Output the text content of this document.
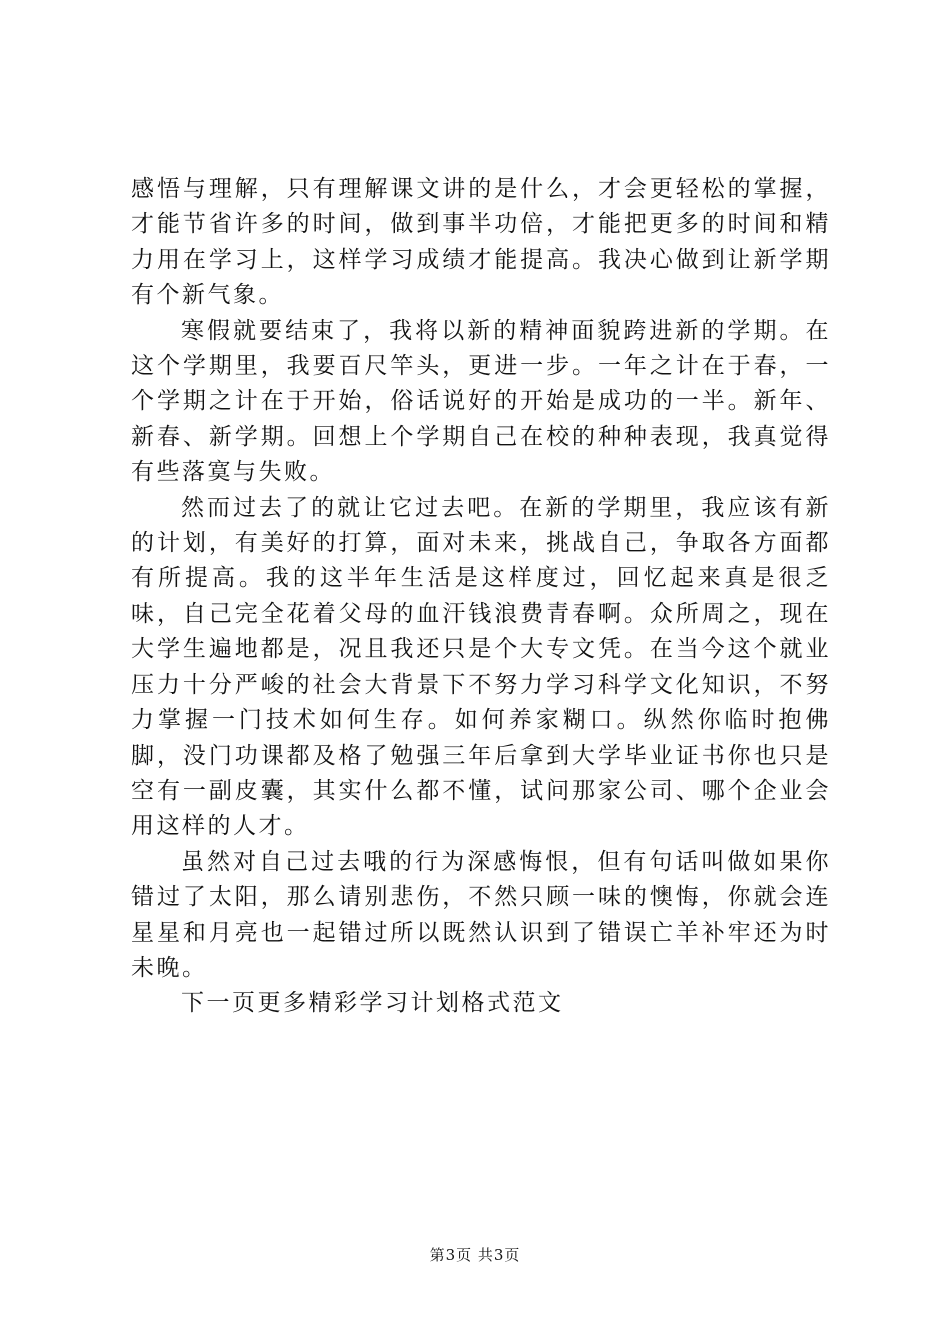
感悟与理解，只有理解课文讲的是什么，才会更轻松的掌握，才能节省许多的时间，做到事半功倍，才能把更多的时间和精力用在学习上，这样学习成绩才能提高。我决心做到让新学期有个新气象。

寒假就要结束了，我将以新的精神面貌跨进新的学期。在这个学期里，我要百尺竿头，更进一步。一年之计在于春，一个学期之计在于开始，俗话说好的开始是成功的一半。新年、新春、新学期。回想上个学期自己在校的种种表现，我真觉得有些落寞与失败。

然而过去了的就让它过去吧。在新的学期里，我应该有新的计划，有美好的打算，面对未来，挑战自己，争取各方面都有所提高。我的这半年生活是这样度过，回忆起来真是很乏味，自己完全花着父母的血汗钱浪费青春啊。众所周之，现在大学生遍地都是，况且我还只是个大专文凭。在当今这个就业压力十分严峻的社会大背景下不努力学习科学文化知识，不努力掌握一门技术如何生存。如何养家糊口。纵然你临时抱佛脚，没门功课都及格了勉强三年后拿到大学毕业证书你也只是空有一副皮囊，其实什么都不懂，试问那家公司、哪个企业会用这样的人才。

虽然对自己过去哦的行为深感悔恨，但有句话叫做如果你错过了太阳，那么请别悲伤，不然只顾一味的懊悔，你就会连星星和月亮也一起错过所以既然认识到了错误亡羊补牢还为时未晚。

下一页更多精彩学习计划格式范文

第3页 共3页
